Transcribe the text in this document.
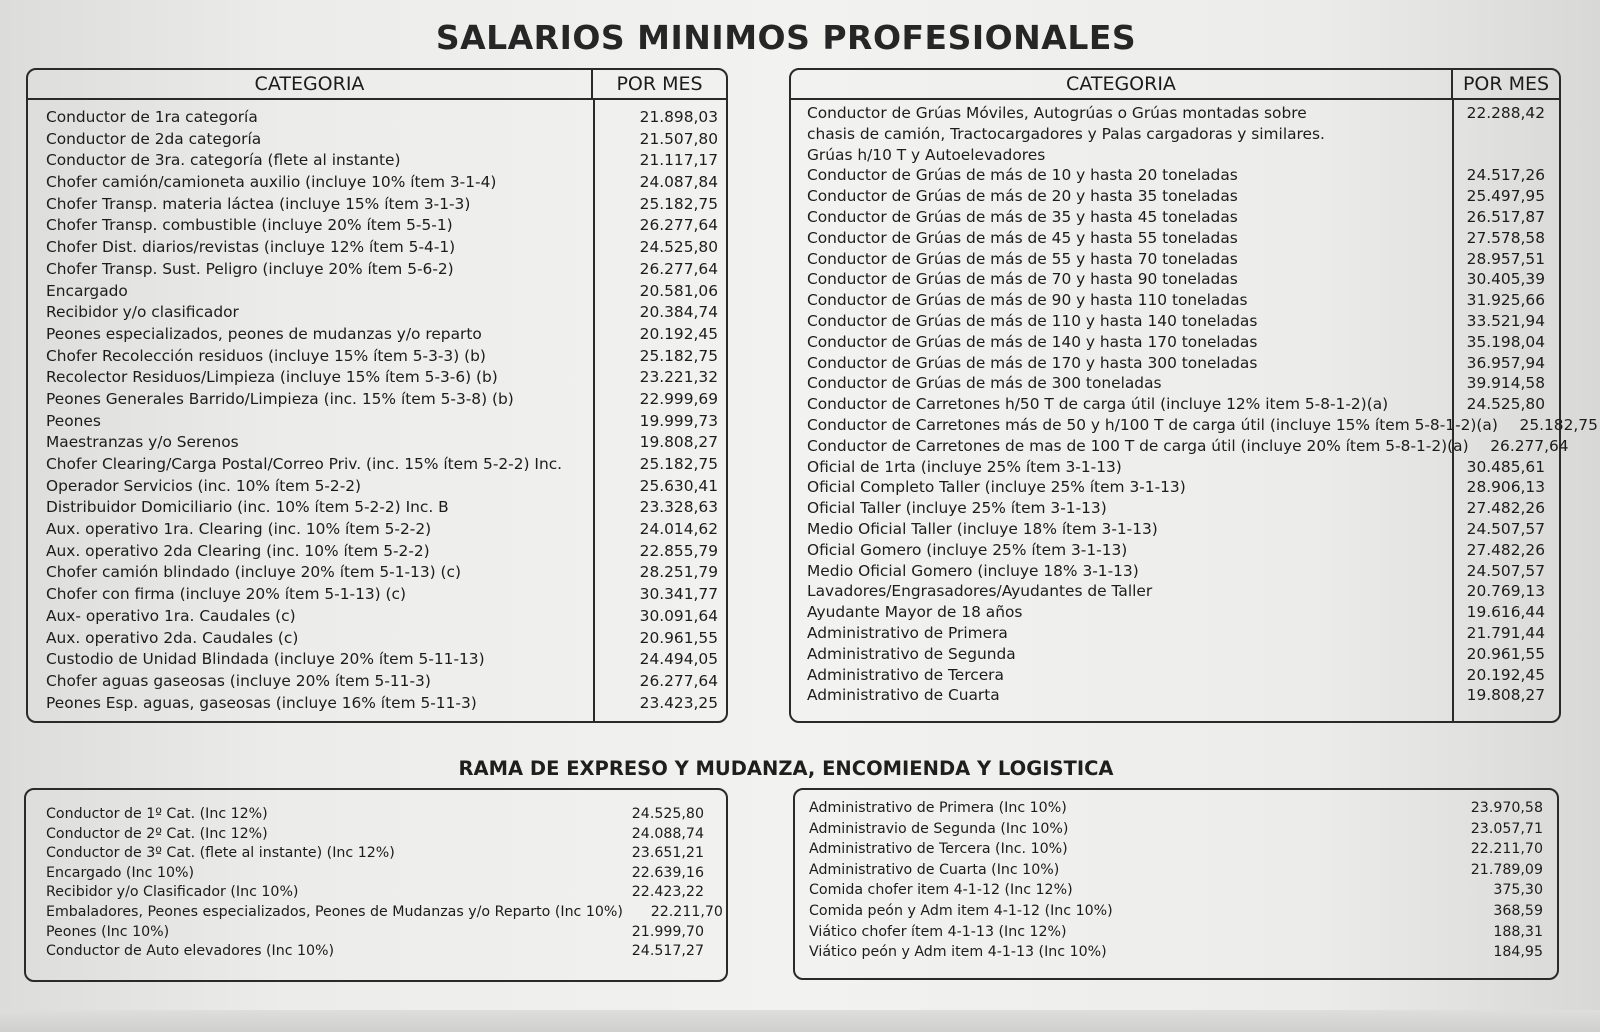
SALARIOS MINIMOS PROFESIONALES
CATEGORIA	POR MES
Conductor de 1ra categoría	21.898,03
Conductor de 2da categoría	21.507,80
Conductor de 3ra. categoría (flete al instante)	21.117,17
Chofer camión/camioneta auxilio (incluye 10% ítem 3-1-4)	24.087,84
Chofer Transp. materia láctea (incluye 15% ítem 3-1-3)	25.182,75
Chofer Transp. combustible (incluye 20% ítem 5-5-1)	26.277,64
Chofer Dist. diarios/revistas (incluye 12% ítem 5-4-1)	24.525,80
Chofer Transp. Sust. Peligro (incluye 20% ítem 5-6-2)	26.277,64
Encargado	20.581,06
Recibidor y/o clasificador	20.384,74
Peones especializados, peones de mudanzas y/o reparto	20.192,45
Chofer Recolección residuos (incluye 15% ítem 5-3-3) (b)	25.182,75
Recolector Residuos/Limpieza (incluye 15% ítem 5-3-6) (b)	23.221,32
Peones Generales Barrido/Limpieza (inc. 15% ítem 5-3-8) (b)	22.999,69
Peones	19.999,73
Maestranzas y/o Serenos	19.808,27
Chofer Clearing/Carga Postal/Correo Priv. (inc. 15% ítem 5-2-2) Inc.	25.182,75
Operador Servicios (inc. 10% ítem 5-2-2)	25.630,41
Distribuidor Domiciliario (inc. 10% ítem 5-2-2) Inc. B	23.328,63
Aux. operativo 1ra. Clearing (inc. 10% ítem 5-2-2)	24.014,62
Aux. operativo 2da Clearing (inc. 10% ítem 5-2-2)	22.855,79
Chofer camión blindado (incluye 20% ítem 5-1-13) (c)	28.251,79
Chofer con firma (incluye 20% ítem 5-1-13) (c)	30.341,77
Aux- operativo 1ra. Caudales (c)	30.091,64
Aux. operativo 2da. Caudales (c)	20.961,55
Custodio de Unidad Blindada (incluye 20% ítem 5-11-13)	24.494,05
Chofer aguas gaseosas (incluye 20% ítem 5-11-3)	26.277,64
Peones Esp. aguas, gaseosas (incluye 16% ítem 5-11-3)	23.423,25
CATEGORIA	POR MES
Conductor de Grúas Móviles, Autogrúas o Grúas montadas sobre	22.288,42
chasis de camión, Tractocargadores y Palas cargadoras y similares.
Grúas h/10 T y Autoelevadores
Conductor de Grúas de más de 10 y hasta 20 toneladas	24.517,26
Conductor de Grúas de más de 20 y hasta 35 toneladas	25.497,95
Conductor de Grúas de más de 35 y hasta 45 toneladas	26.517,87
Conductor de Grúas de más de 45 y hasta 55 toneladas	27.578,58
Conductor de Grúas de más de 55 y hasta 70 toneladas	28.957,51
Conductor de Grúas de más de 70 y hasta 90 toneladas	30.405,39
Conductor de Grúas de más de 90 y hasta 110 toneladas	31.925,66
Conductor de Grúas de más de 110 y hasta 140 toneladas	33.521,94
Conductor de Grúas de más de 140 y hasta 170 toneladas	35.198,04
Conductor de Grúas de más de 170 y hasta 300 toneladas	36.957,94
Conductor de Grúas de más de 300 toneladas	39.914,58
Conductor de Carretones h/50 T de carga útil (incluye 12% item 5-8-1-2)(a)	24.525,80
Conductor de Carretones más de 50 y h/100 T de carga útil (incluye 15% ítem 5-8-1-2)(a)	25.182,75
Conductor de Carretones de mas de 100 T de carga útil (incluye 20% ítem 5-8-1-2)(a)	26.277,64
Oficial de 1rta (incluye 25% ítem 3-1-13)	30.485,61
Oficial Completo Taller (incluye 25% ítem 3-1-13)	28.906,13
Oficial Taller (incluye 25% ítem 3-1-13)	27.482,26
Medio Oficial Taller (incluye 18% ítem 3-1-13)	24.507,57
Oficial Gomero (incluye 25% ítem 3-1-13)	27.482,26
Medio Oficial Gomero (incluye 18% 3-1-13)	24.507,57
Lavadores/Engrasadores/Ayudantes de Taller	20.769,13
Ayudante Mayor de 18 años	19.616,44
Administrativo de Primera	21.791,44
Administrativo de Segunda	20.961,55
Administrativo de Tercera	20.192,45
Administrativo de Cuarta	19.808,27
RAMA DE EXPRESO Y MUDANZA, ENCOMIENDA Y LOGISTICA
Conductor de 1º Cat. (Inc 12%)	24.525,80
Conductor de 2º Cat. (Inc 12%)	24.088,74
Conductor de 3º Cat. (flete al instante) (Inc 12%)	23.651,21
Encargado (Inc 10%)	22.639,16
Recibidor y/o Clasificador (Inc 10%)	22.423,22
Embaladores, Peones especializados, Peones de Mudanzas y/o Reparto (Inc 10%)	22.211,70
Peones (Inc 10%)	21.999,70
Conductor de Auto elevadores (Inc 10%)	24.517,27
Administrativo de Primera (Inc 10%)	23.970,58
Administravio de Segunda (Inc 10%)	23.057,71
Administrativo de Tercera (Inc. 10%)	22.211,70
Administrativo de Cuarta (Inc 10%)	21.789,09
Comida chofer item 4-1-12 (Inc 12%)	375,30
Comida peón y Adm item 4-1-12 (Inc 10%)	368,59
Viático chofer ítem 4-1-13 (Inc 12%)	188,31
Viático peón y Adm item 4-1-13 (Inc 10%)	184,95
